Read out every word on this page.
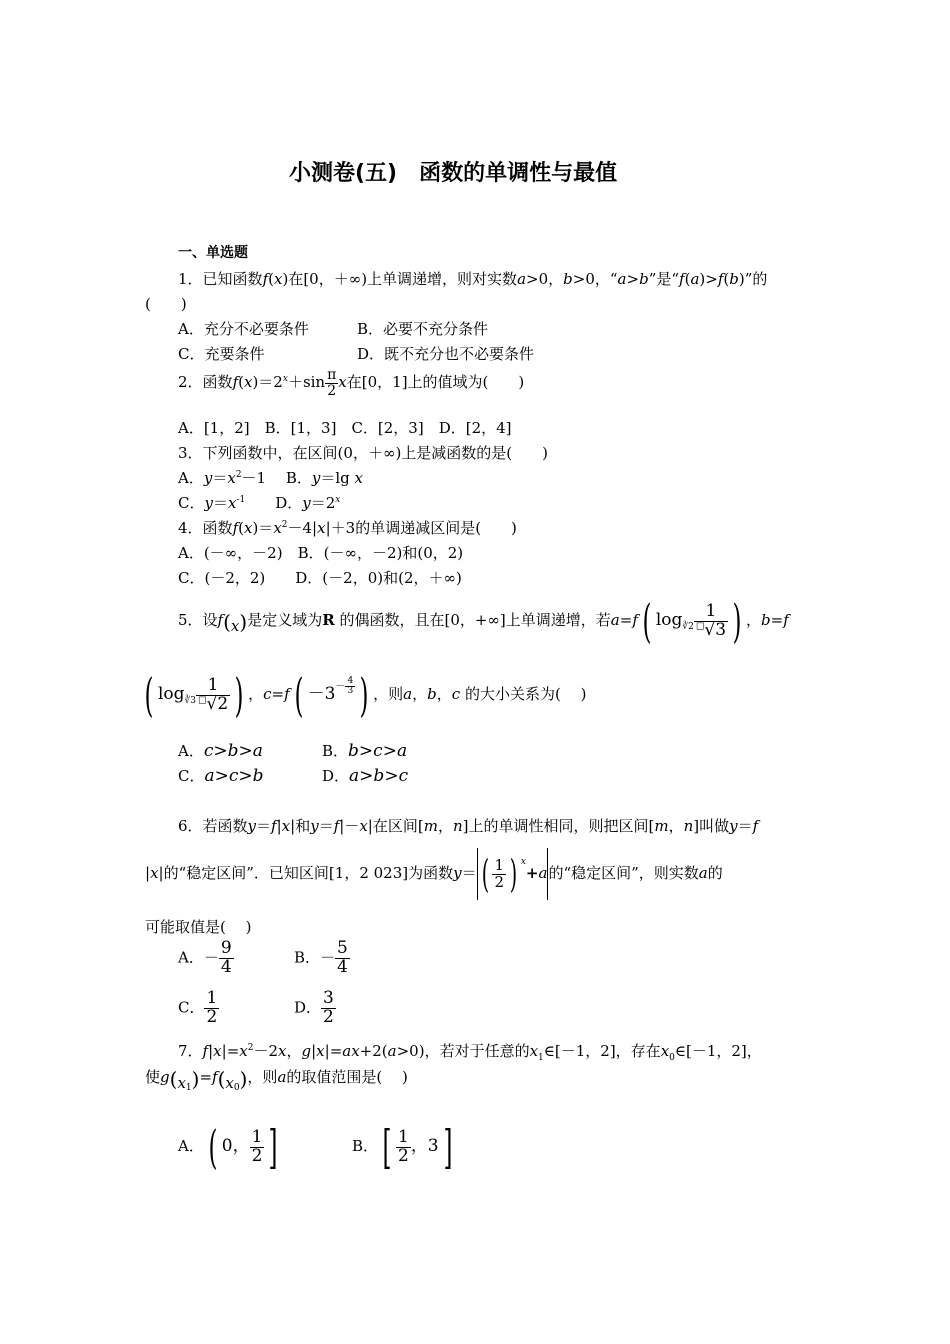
小测卷(五)　函数的单调性与最值
一、单选题
1．已知函数f(x)在[0，＋∞)上单调递增，则对实数a>0，b>0，“a>b”是“f(a)>f(b)”的
(　　)
A．充分不必要条件	B．必要不充分条件
C．充要条件	D．既不充分也不必要条件
2．函数$f(x)=2^x+\sin \frac{\pi}{2}$ x在[0，1]上的值域为(　　)
A．[1，2]　B．[1，3]　C．[2，3]　D．[2，4]
3．下列函数中，在区间(0，＋∞)上是减函数的是(　　)
A．$y=x^2-1$　 B．y＝lg x
C．$y=x^{-1}$　　D．$y=2^x$
4．函数$f(x)=x^2-4|x|+3$的单调递减区间是(　　)
A．(－∞，－2)　B．(－∞，－2)和(0，2)
C．(－2，2)　　D．(－2，0)和(2，＋∞)
5．设f(x)是定义域为R 的偶函数，且在[0，+∞]上单调递增，若a=f( $\log_{∛2} \frac{1}{^□√3}$ ) ，b=f
( $\log_{∛3} \frac{1}{^□√2}$ ) ，$c=f( -3^{- \frac{4}{3}}$ ) ，则a，b，c 的大小关系为(　 )
A．c>b>a	B．b>c>a
C．a>c>b	D．a>b>c
6．若函数y＝f|x|和y＝f|－x|在区间[m，n]上的单调性相同，则把区间[m，n]叫做y＝f
|x|的“稳定区间”．已知区间[1，2 023]为函数y＝ ( $\frac{1}{2}$ ) $^x$+a的“稳定区间”，则实数a的
可能取值是(　 )
A．－ $\frac{9}{4}$	B．－ $\frac{5}{4}$
C． $\frac{1}{2}$	D． $\frac{3}{2}$
7．$f|x|=x^2-2x$，g|x|=ax+2(a>0)，若对于任意的$x_1\in[-1$，2]，存在$x_0\in[-1$，2]，
使$g(x_1)=f(x_0)$，则a的取值范围是(　 )
A．( 0， $\frac{1}{2}$ ]	B．[ $\frac{1}{2}$ ，3]
